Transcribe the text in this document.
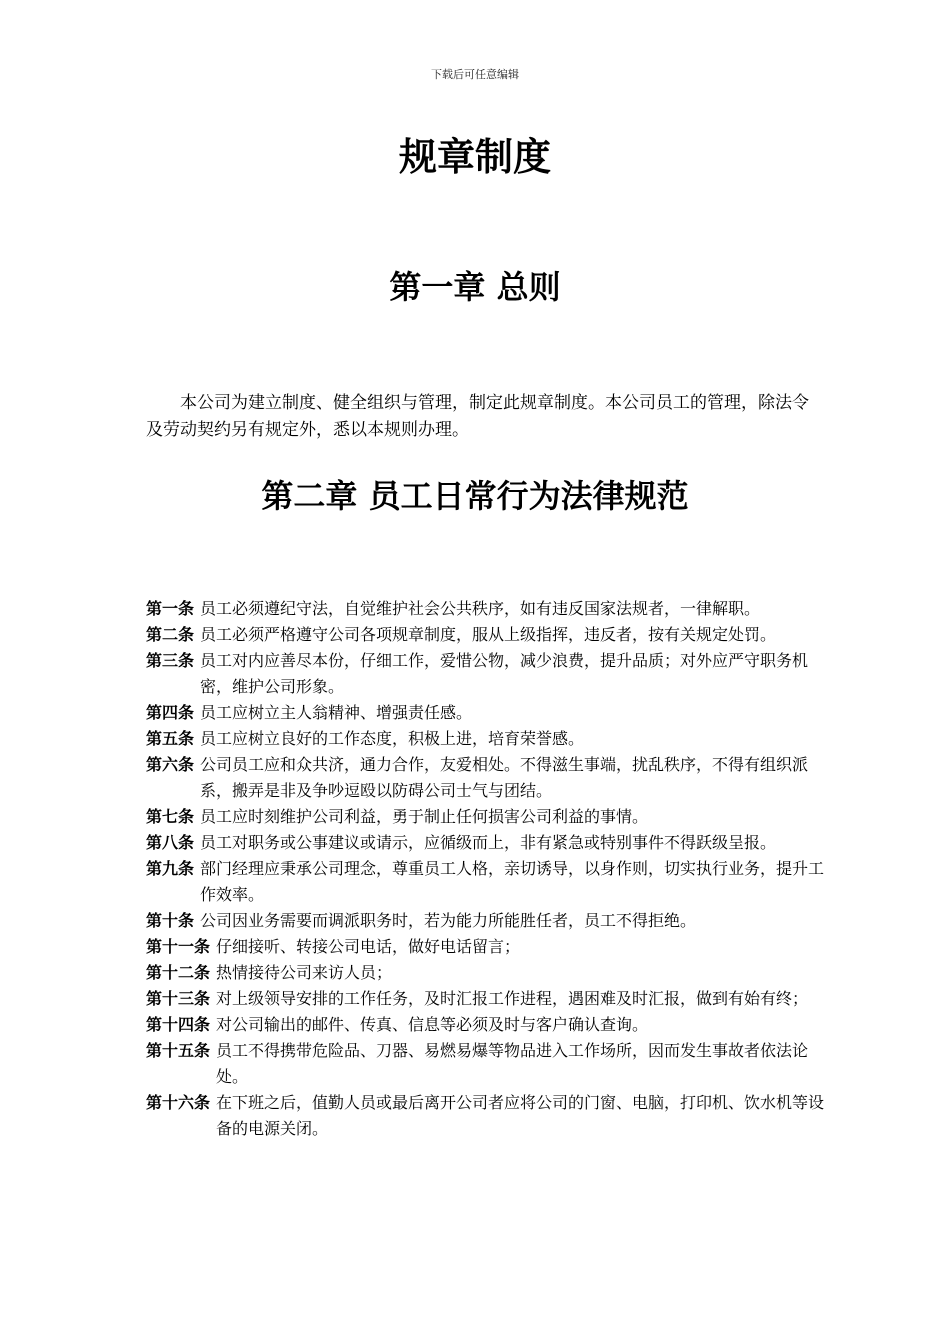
下载后可任意编辑
规章制度
第一章 总则

本公司为建立制度、健全组织与管理，制定此规章制度。本公司员工的管理，除法令及劳动契约另有规定外，悉以本规则办理。

第二章 员工日常行为法律规范
第一条 员工必须遵纪守法，自觉维护社会公共秩序，如有违反国家法规者，一律解职。
第二条 员工必须严格遵守公司各项规章制度，服从上级指挥，违反者，按有关规定处罚。
第三条 员工对内应善尽本份，仔细工作，爱惜公物，减少浪费，提升品质；对外应严守职务机密，维护公司形象。
第四条 员工应树立主人翁精神、增强责任感。
第五条 员工应树立良好的工作态度，积极上进，培育荣誉感。
第六条 公司员工应和众共济，通力合作，友爱相处。不得滋生事端，扰乱秩序，不得有组织派系，搬弄是非及争吵逗殴以防碍公司士气与团结。
第七条 员工应时刻维护公司利益，勇于制止任何损害公司利益的事情。
第八条 员工对职务或公事建议或请示，应循级而上，非有紧急或特别事件不得跃级呈报。
第九条 部门经理应秉承公司理念，尊重员工人格，亲切诱导，以身作则，切实执行业务，提升工作效率。
第十条 公司因业务需要而调派职务时，若为能力所能胜任者，员工不得拒绝。
第十一条 仔细接听、转接公司电话，做好电话留言；
第十二条 热情接待公司来访人员；
第十三条 对上级领导安排的工作任务，及时汇报工作进程，遇困难及时汇报，做到有始有终；
第十四条 对公司输出的邮件、传真、信息等必须及时与客户确认查询。
第十五条 员工不得携带危险品、刀器、易燃易爆等物品进入工作场所，因而发生事故者依法论处。
第十六条 在下班之后，值勤人员或最后离开公司者应将公司的门窗、电脑，打印机、饮水机等设备的电源关闭。
